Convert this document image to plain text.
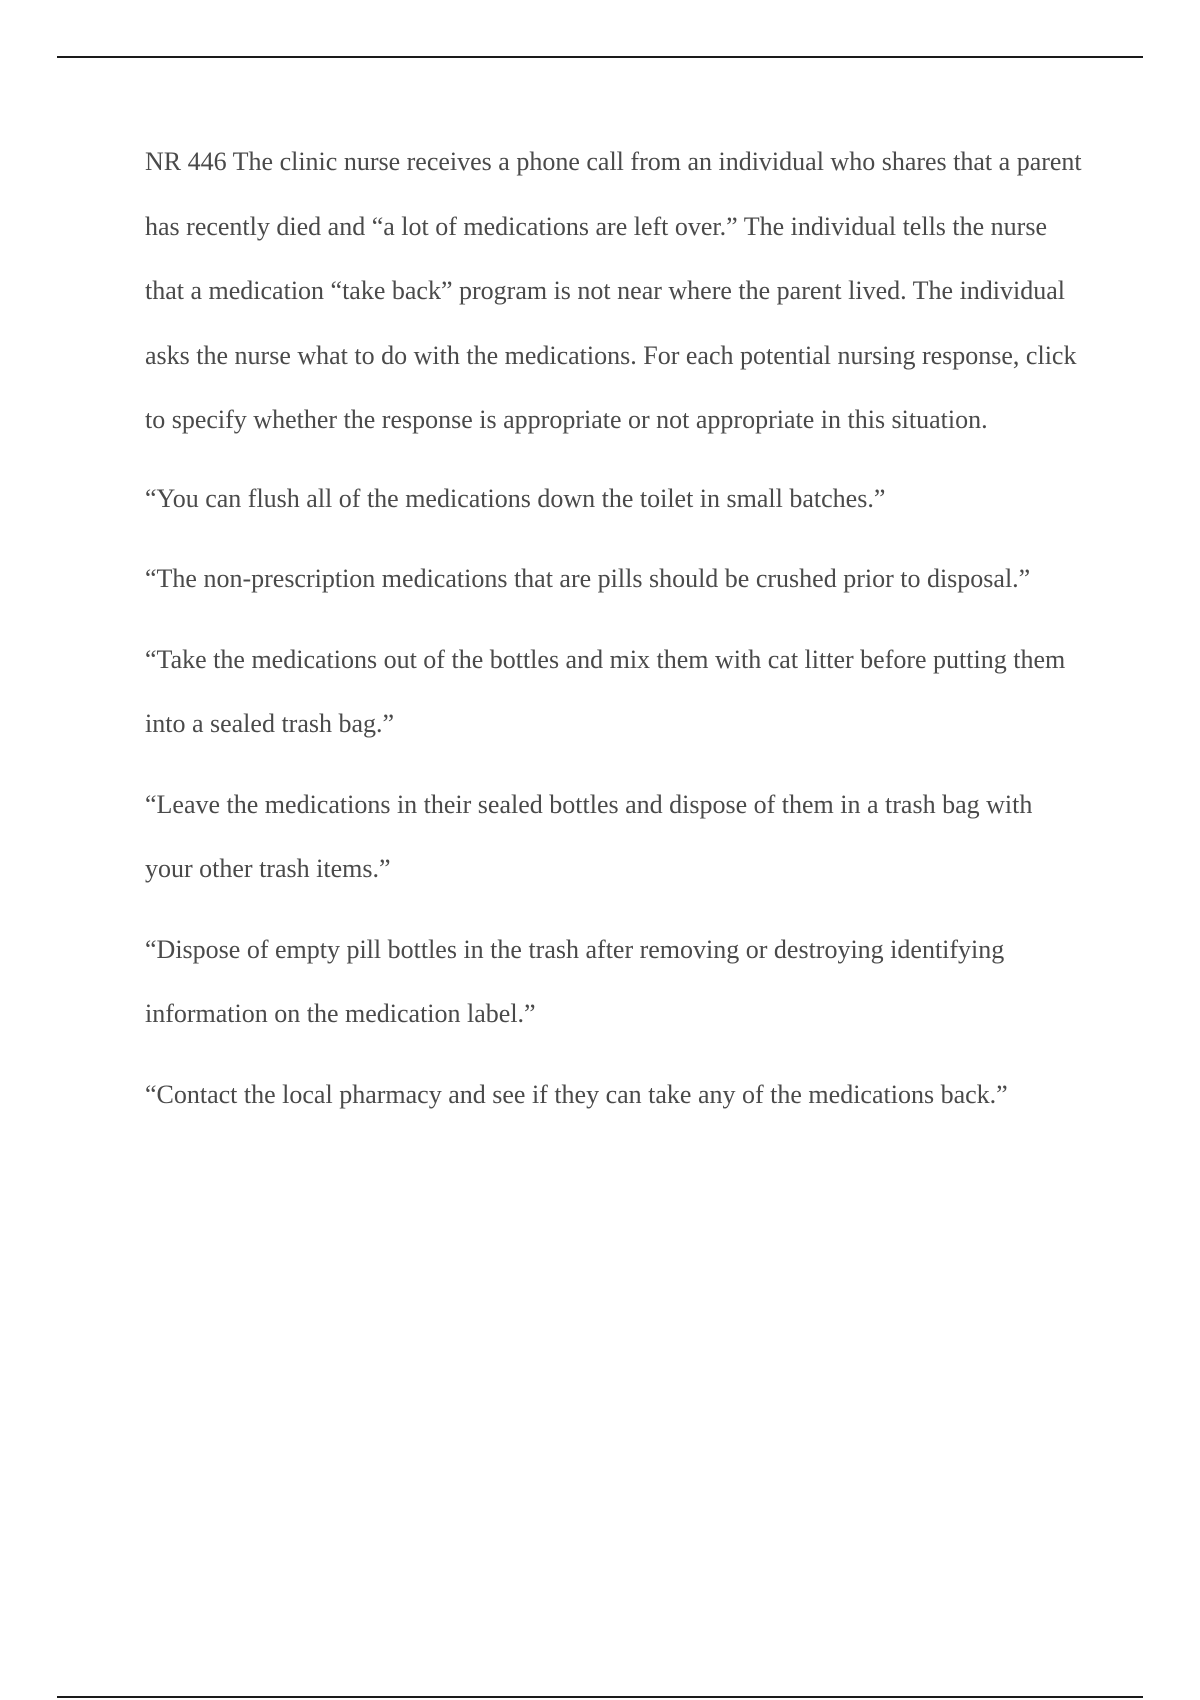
NR 446 The clinic nurse receives a phone call from an individual who shares that a parent has recently died and “a lot of medications are left over.” The individual tells the nurse that a medication “take back” program is not near where the parent lived. The individual asks the nurse what to do with the medications. For each potential nursing response, click to specify whether the response is appropriate or not appropriate in this situation.

“You can flush all of the medications down the toilet in small batches.”

“The non-prescription medications that are pills should be crushed prior to disposal.”

“Take the medications out of the bottles and mix them with cat litter before putting them into a sealed trash bag.”

“Leave the medications in their sealed bottles and dispose of them in a trash bag with your other trash items.”

“Dispose of empty pill bottles in the trash after removing or destroying identifying information on the medication label.”

“Contact the local pharmacy and see if they can take any of the medications back.”
